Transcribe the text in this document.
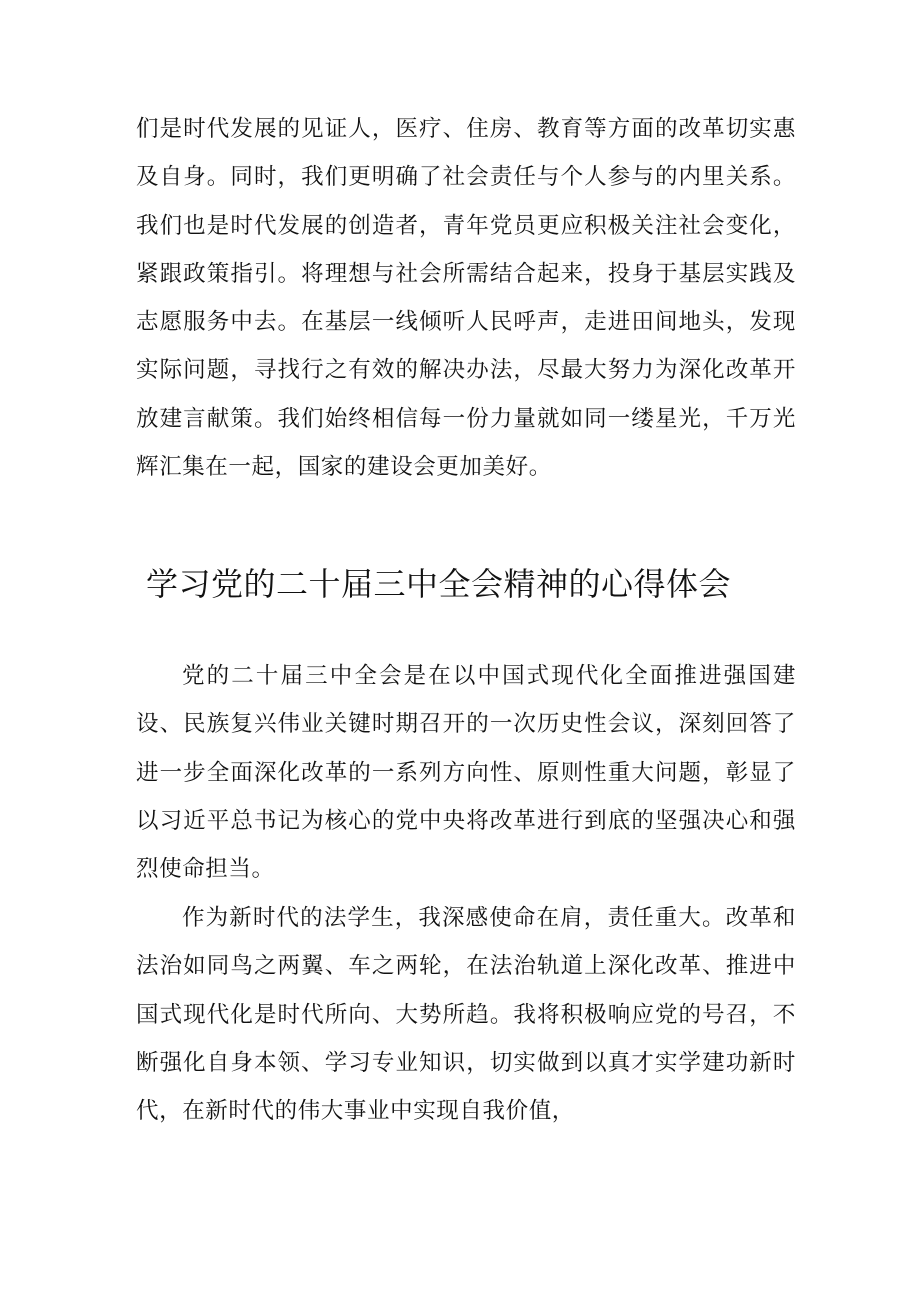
们是时代发展的见证人，医疗、住房、教育等方面的改革切实惠及自身。同时，我们更明确了社会责任与个人参与的内里关系。我们也是时代发展的创造者，青年党员更应积极关注社会变化，紧跟政策指引。将理想与社会所需结合起来，投身于基层实践及志愿服务中去。在基层一线倾听人民呼声，走进田间地头，发现实际问题，寻找行之有效的解决办法，尽最大努力为深化改革开放建言献策。我们始终相信每一份力量就如同一缕星光，千万光辉汇集在一起，国家的建设会更加美好。

学习党的二十届三中全会精神的心得体会

党的二十届三中全会是在以中国式现代化全面推进强国建设、民族复兴伟业关键时期召开的一次历史性会议，深刻回答了进一步全面深化改革的一系列方向性、原则性重大问题，彰显了以习近平总书记为核心的党中央将改革进行到底的坚强决心和强烈使命担当。

作为新时代的法学生，我深感使命在肩，责任重大。改革和法治如同鸟之两翼、车之两轮，在法治轨道上深化改革、推进中国式现代化是时代所向、大势所趋。我将积极响应党的号召，不断强化自身本领、学习专业知识，切实做到以真才实学建功新时代，在新时代的伟大事业中实现自我价值，
